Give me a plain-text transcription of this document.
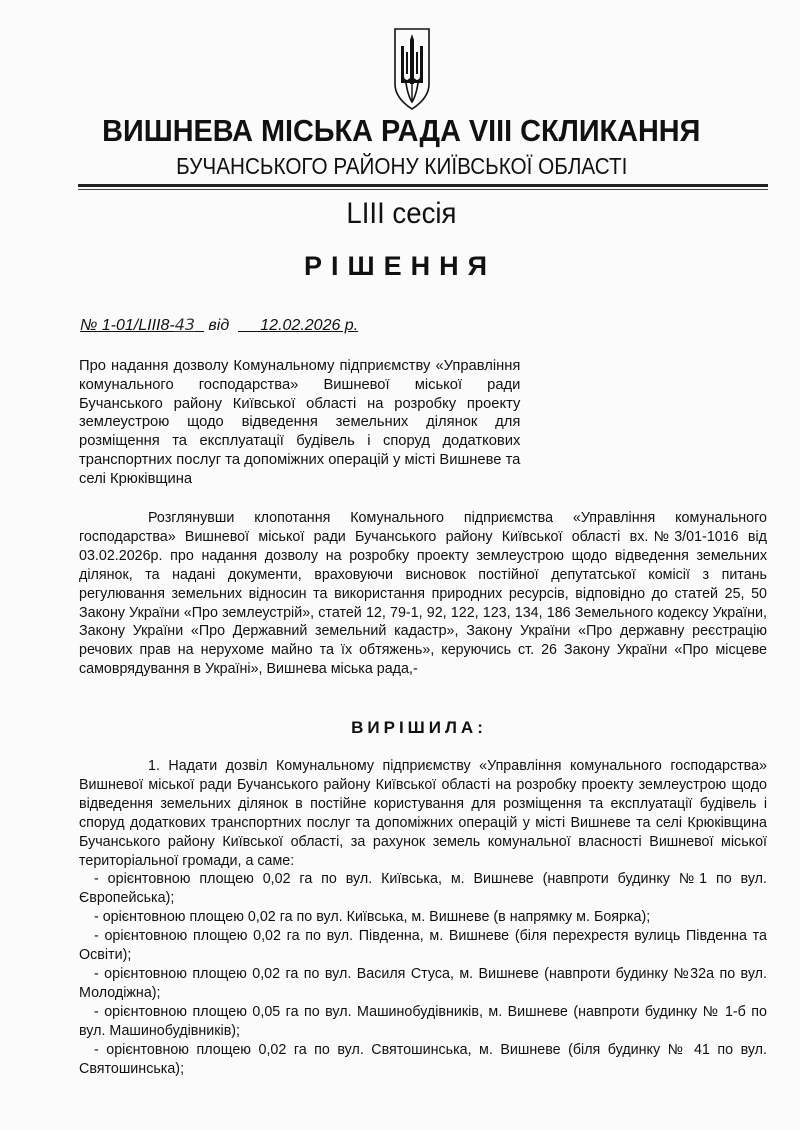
ВИШНЕВА МІСЬКА РАДА VIII СКЛИКАННЯ
БУЧАНСЬКОГО РАЙОНУ КИЇВСЬКОЇ ОБЛАСТІ
LIII сесія
РІШЕННЯ
№ 1-01/LIII8-43 від 12.02.2026 р.
Про надання дозволу Комунальному підприємству «Управління комунального господарства» Вишневої міської ради Бучанського району Київської області на розробку проекту землеустрою щодо відведення земельних ділянок для розміщення та експлуатації будівель і споруд додаткових транспортних послуг та допоміжних операцій у місті Вишневе та селі Крюківщина
Розглянувши клопотання Комунального підприємства «Управління комунального господарства» Вишневої міської ради Бучанського району Київської області вх.№3/01-1016 від 03.02.2026р. про надання дозволу на розробку проекту землеустрою щодо відведення земельних ділянок, та надані документи, враховуючи висновок постійної депутатської комісії з питань регулювання земельних відносин та використання природних ресурсів, відповідно до статей 25, 50 Закону України «Про землеустрій», статей 12, 79-1, 92, 122, 123, 134, 186 Земельного кодексу України, Закону України «Про Державний земельний кадастр», Закону України «Про державну реєстрацію речових прав на нерухоме майно та їх обтяжень», керуючись ст. 26 Закону України «Про місцеве самоврядування в Україні», Вишнева міська рада,-
ВИРІШИЛА:

1. Надати дозвіл Комунальному підприємству «Управління комунального господарства» Вишневої міської ради Бучанського району Київської області на розробку проекту землеустрою щодо відведення земельних ділянок в постійне користування для розміщення та експлуатації будівель і споруд додаткових транспортних послуг та допоміжних операцій у місті Вишневе та селі Крюківщина Бучанського району Київської області, за рахунок земель комунальної власності Вишневої міської територіальної громади, а саме:

- орієнтовною площею 0,02 га по вул. Київська, м. Вишневе (навпроти будинку №1 по вул. Європейська);

- орієнтовною площею 0,02 га по вул. Київська, м. Вишневе (в напрямку м. Боярка);

- орієнтовною площею 0,02 га по вул. Південна, м. Вишневе (біля перехрестя вулиць Південна та Освіти);

- орієнтовною площею 0,02 га по вул. Василя Стуса, м. Вишневе (навпроти будинку №32а по вул. Молодіжна);

- орієнтовною площею 0,05 га по вул. Машинобудівників, м. Вишневе (навпроти будинку № 1-б по вул. Машинобудівників);

- орієнтовною площею 0,02 га по вул. Святошинська, м. Вишневе (біля будинку № 41 по вул. Святошинська);
